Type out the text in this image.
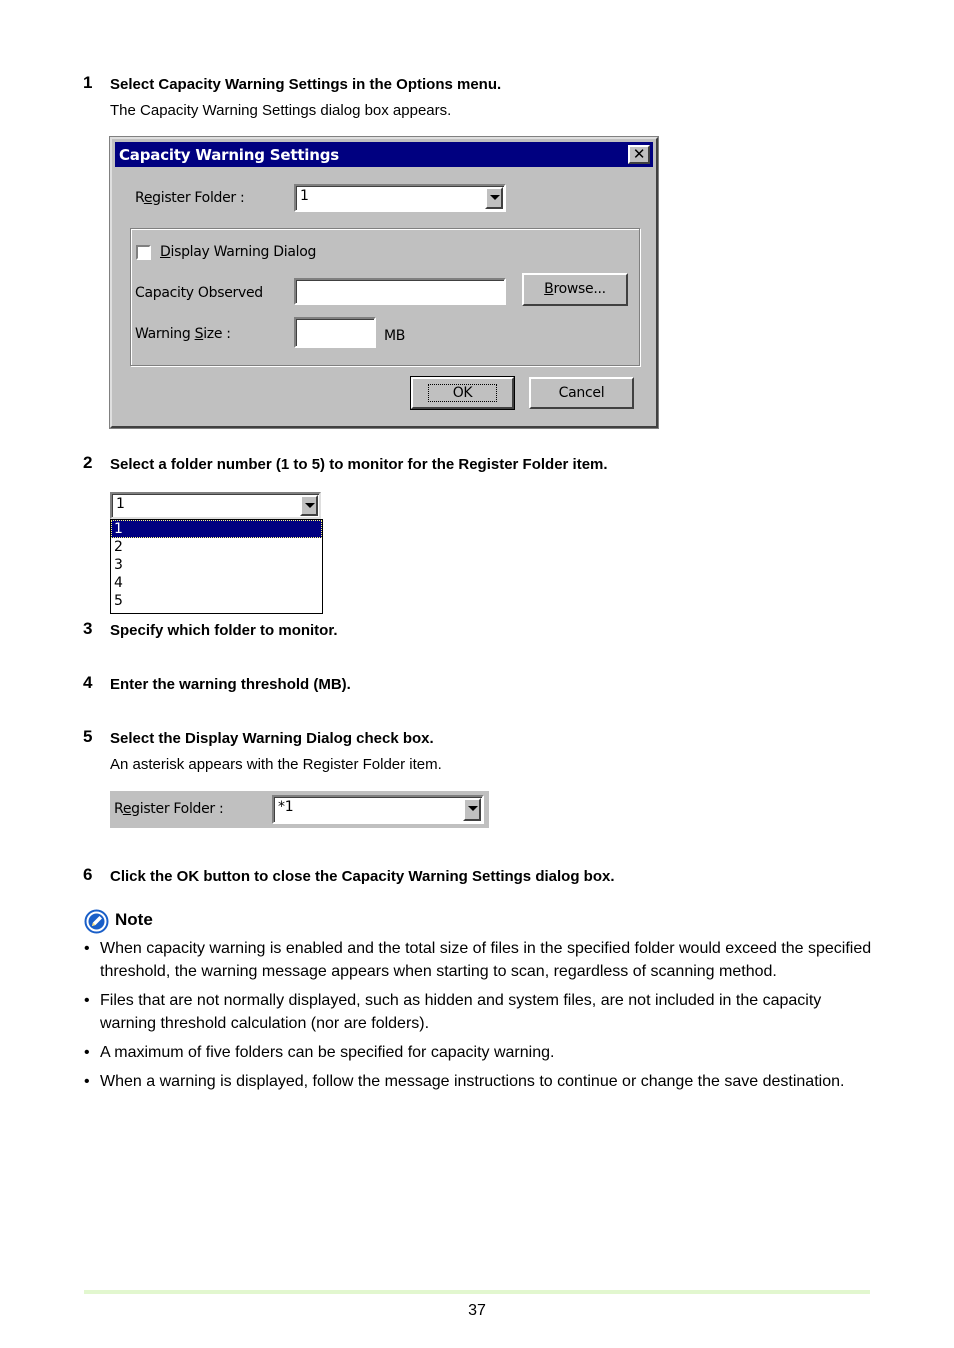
1 Select Capacity Warning Settings in the Options menu.
The Capacity Warning Settings dialog box appears.
Capacity Warning Settings	✕
Register Folder :	1
Display Warning Dialog
Capacity Observed	Browse...
Warning Size :	MB
OK	Cancel
2 Select a folder number (1 to 5) to monitor for the Register Folder item.
1
1
2
3
4
5
3 Specify which folder to monitor.
4 Enter the warning threshold (MB).
5 Select the Display Warning Dialog check box.
An asterisk appears with the Register Folder item.
Register Folder :	*1
6 Click the OK button to close the Capacity Warning Settings dialog box.
Note
• When capacity warning is enabled and the total size of files in the specified folder would exceed the specified threshold, the warning message appears when starting to scan, regardless of scanning method.
• Files that are not normally displayed, such as hidden and system files, are not included in the capacity warning threshold calculation (nor are folders).
• A maximum of five folders can be specified for capacity warning.
• When a warning is displayed, follow the message instructions to continue or change the save destination.
37
